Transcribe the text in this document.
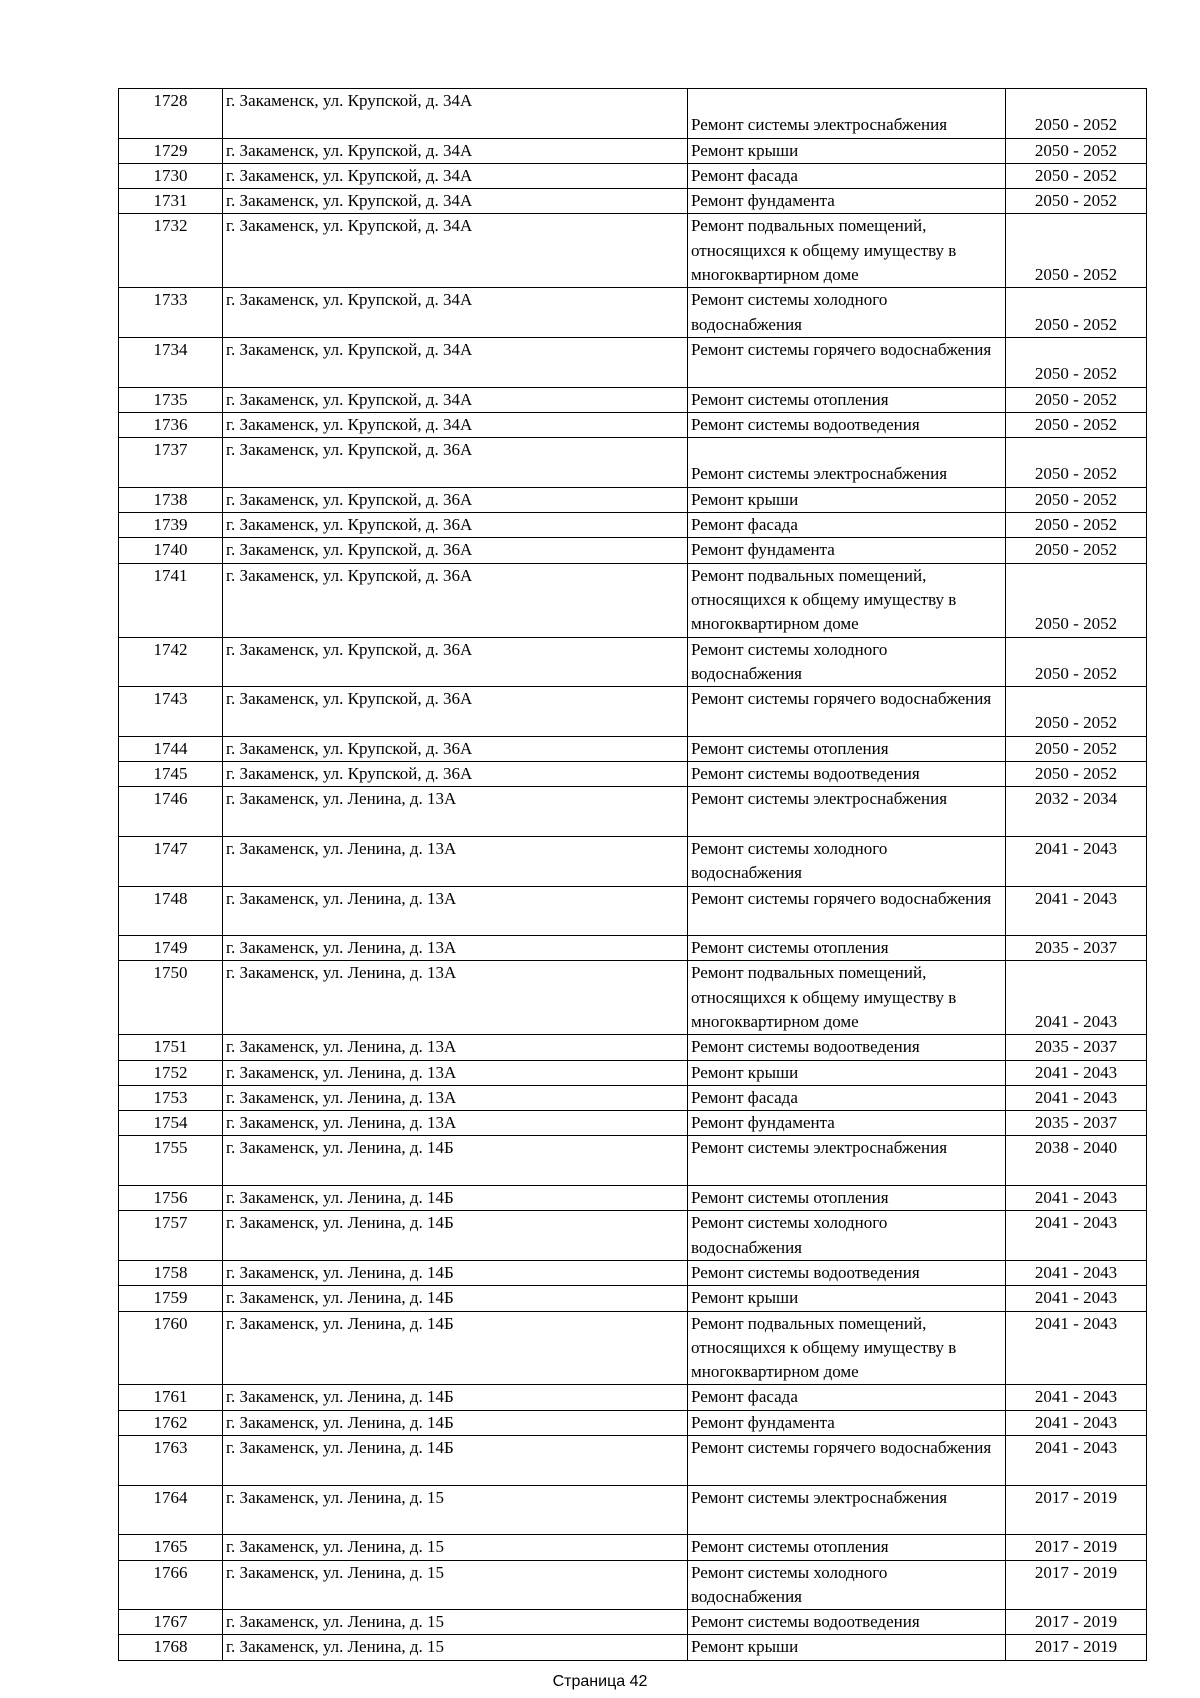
1728	г. Закаменск, ул. Крупской, д. 34А	Ремонт системы электроснабжения	2050 - 2052
1729	г. Закаменск, ул. Крупской, д. 34А	Ремонт крыши	2050 - 2052
1730	г. Закаменск, ул. Крупской, д. 34А	Ремонт фасада	2050 - 2052
1731	г. Закаменск, ул. Крупской, д. 34А	Ремонт фундамента	2050 - 2052
1732	г. Закаменск, ул. Крупской, д. 34А	Ремонт подвальных помещений, относящихся к общему имуществу в многоквартирном доме	2050 - 2052
1733	г. Закаменск, ул. Крупской, д. 34А	Ремонт системы холодного водоснабжения	2050 - 2052
1734	г. Закаменск, ул. Крупской, д. 34А	Ремонт системы горячего водоснабжения	2050 - 2052
1735	г. Закаменск, ул. Крупской, д. 34А	Ремонт системы отопления	2050 - 2052
1736	г. Закаменск, ул. Крупской, д. 34А	Ремонт системы водоотведения	2050 - 2052
1737	г. Закаменск, ул. Крупской, д. 36А	Ремонт системы электроснабжения	2050 - 2052
1738	г. Закаменск, ул. Крупской, д. 36А	Ремонт крыши	2050 - 2052
1739	г. Закаменск, ул. Крупской, д. 36А	Ремонт фасада	2050 - 2052
1740	г. Закаменск, ул. Крупской, д. 36А	Ремонт фундамента	2050 - 2052
1741	г. Закаменск, ул. Крупской, д. 36А	Ремонт подвальных помещений, относящихся к общему имуществу в многоквартирном доме	2050 - 2052
1742	г. Закаменск, ул. Крупской, д. 36А	Ремонт системы холодного водоснабжения	2050 - 2052
1743	г. Закаменск, ул. Крупской, д. 36А	Ремонт системы горячего водоснабжения	2050 - 2052
1744	г. Закаменск, ул. Крупской, д. 36А	Ремонт системы отопления	2050 - 2052
1745	г. Закаменск, ул. Крупской, д. 36А	Ремонт системы водоотведения	2050 - 2052
1746	г. Закаменск, ул. Ленина, д. 13А	Ремонт системы электроснабжения	2032 - 2034
1747	г. Закаменск, ул. Ленина, д. 13А	Ремонт системы холодного водоснабжения	2041 - 2043
1748	г. Закаменск, ул. Ленина, д. 13А	Ремонт системы горячего водоснабжения	2041 - 2043
1749	г. Закаменск, ул. Ленина, д. 13А	Ремонт системы отопления	2035 - 2037
1750	г. Закаменск, ул. Ленина, д. 13А	Ремонт подвальных помещений, относящихся к общему имуществу в многоквартирном доме	2041 - 2043
1751	г. Закаменск, ул. Ленина, д. 13А	Ремонт системы водоотведения	2035 - 2037
1752	г. Закаменск, ул. Ленина, д. 13А	Ремонт крыши	2041 - 2043
1753	г. Закаменск, ул. Ленина, д. 13А	Ремонт фасада	2041 - 2043
1754	г. Закаменск, ул. Ленина, д. 13А	Ремонт фундамента	2035 - 2037
1755	г. Закаменск, ул. Ленина, д. 14Б	Ремонт системы электроснабжения	2038 - 2040
1756	г. Закаменск, ул. Ленина, д. 14Б	Ремонт системы отопления	2041 - 2043
1757	г. Закаменск, ул. Ленина, д. 14Б	Ремонт системы холодного водоснабжения	2041 - 2043
1758	г. Закаменск, ул. Ленина, д. 14Б	Ремонт системы водоотведения	2041 - 2043
1759	г. Закаменск, ул. Ленина, д. 14Б	Ремонт крыши	2041 - 2043
1760	г. Закаменск, ул. Ленина, д. 14Б	Ремонт подвальных помещений, относящихся к общему имуществу в многоквартирном доме	2041 - 2043
1761	г. Закаменск, ул. Ленина, д. 14Б	Ремонт фасада	2041 - 2043
1762	г. Закаменск, ул. Ленина, д. 14Б	Ремонт фундамента	2041 - 2043
1763	г. Закаменск, ул. Ленина, д. 14Б	Ремонт системы горячего водоснабжения	2041 - 2043
1764	г. Закаменск, ул. Ленина, д. 15	Ремонт системы электроснабжения	2017 - 2019
1765	г. Закаменск, ул. Ленина, д. 15	Ремонт системы отопления	2017 - 2019
1766	г. Закаменск, ул. Ленина, д. 15	Ремонт системы холодного водоснабжения	2017 - 2019
1767	г. Закаменск, ул. Ленина, д. 15	Ремонт системы водоотведения	2017 - 2019
1768	г. Закаменск, ул. Ленина, д. 15	Ремонт крыши	2017 - 2019
Страница 42
